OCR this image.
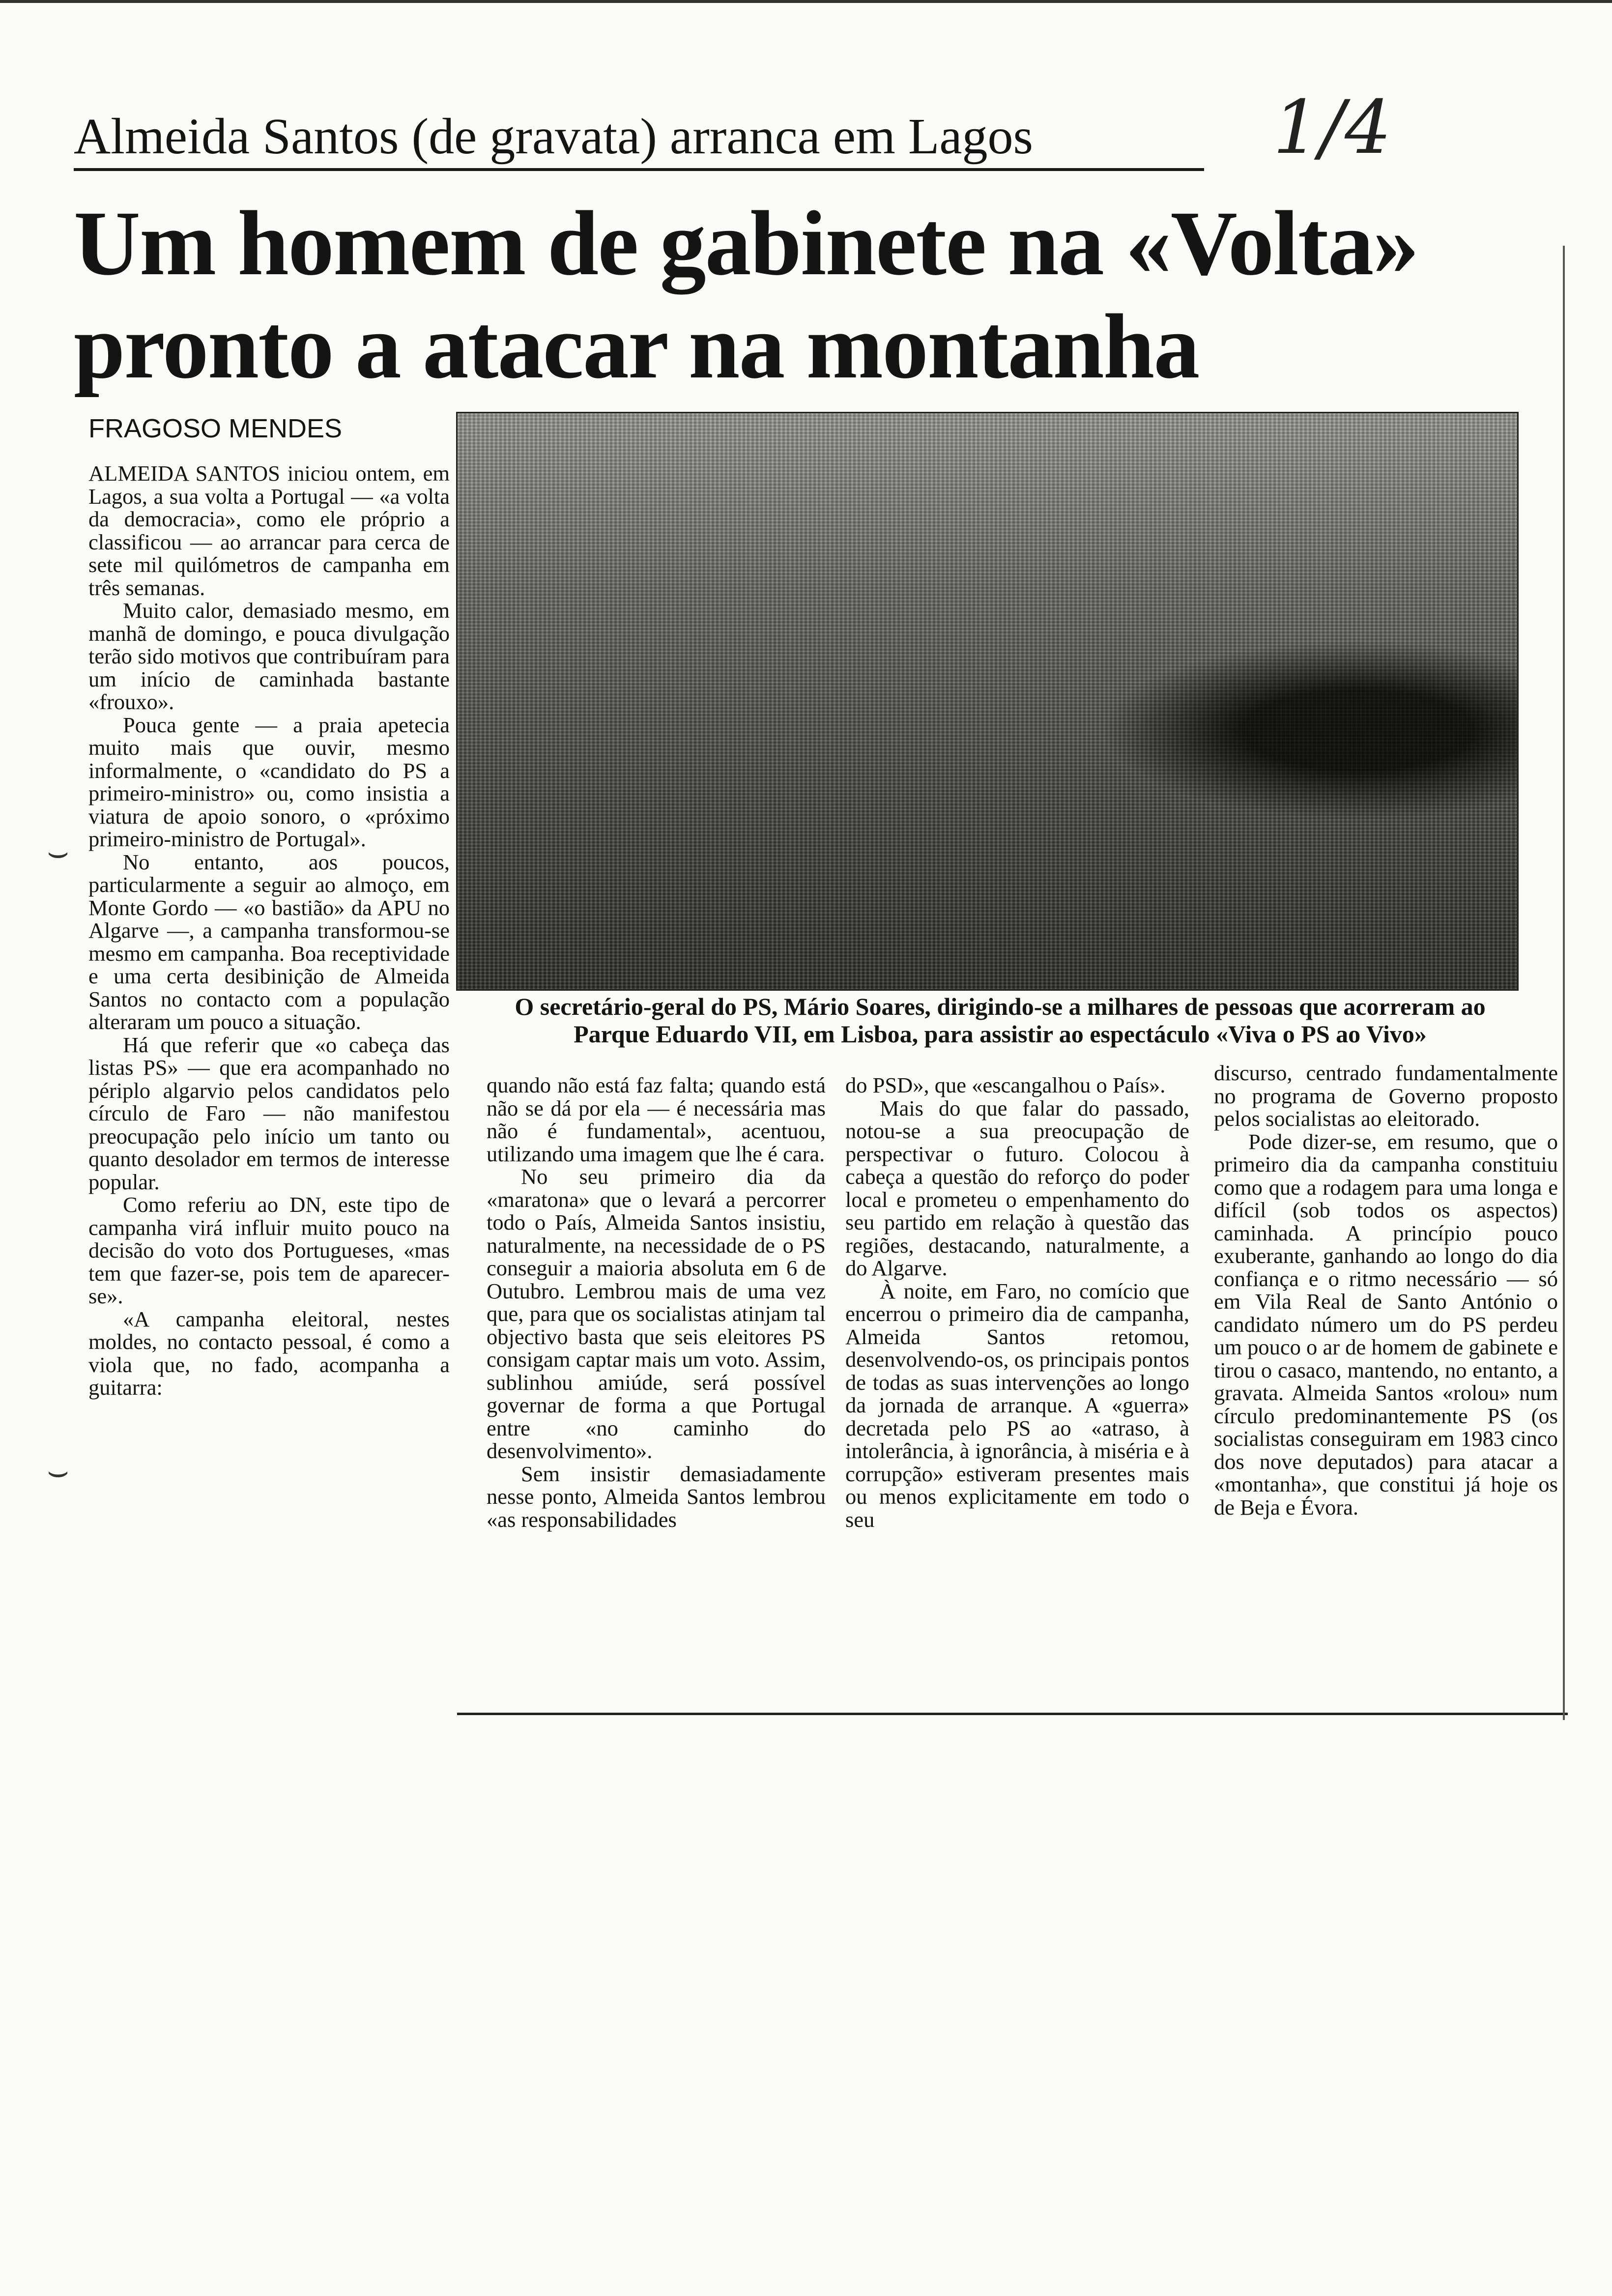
Almeida Santos (de gravata) arranca em Lagos	1/4
Um homem de gabinete na «Volta»
pronto a atacar na montanha
FRAGOSO MENDES
O secretário-geral do PS, Mário Soares, dirigindo-se a milhares de pessoas que acorreram ao
Parque Eduardo VII, em Lisboa, para assistir ao espectáculo «Viva o PS ao Vivo»

ALMEIDA SANTOS iniciou ontem, em Lagos, a sua volta a Portugal — «a volta da democracia», como ele próprio a classificou — ao arrancar para cerca de sete mil quilómetros de campanha em três semanas.

Muito calor, demasiado mesmo, em manhã de domingo, e pouca divulgação terão sido motivos que contribuíram para um início de caminhada bastante «frouxo».

Pouca gente — a praia apetecia muito mais que ouvir, mesmo informalmente, o «candidato do PS a primeiro-ministro» ou, como insistia a viatura de apoio sonoro, o «próximo primeiro-ministro de Portugal».

No entanto, aos poucos, particularmente a seguir ao almoço, em Monte Gordo — «o bastião» da APU no Algarve —, a campanha transformou-se mesmo em campanha. Boa receptividade e uma certa desibinição de Almeida Santos no contacto com a população alteraram um pouco a situação.

Há que referir que «o cabeça das listas PS» — que era acompanhado no périplo algarvio pelos candidatos pelo círculo de Faro — não manifestou preocupação pelo início um tanto ou quanto desolador em termos de interesse popular.

Como referiu ao DN, este tipo de campanha virá influir muito pouco na decisão do voto dos Portugueses, «mas tem que fazer-se, pois tem de aparecer-se».

«A campanha eleitoral, nestes moldes, no contacto pessoal, é como a viola que, no fado, acompanha a guitarra:

quando não está faz falta; quando está não se dá por ela — é necessária mas não é fundamental», acentuou, utilizando uma imagem que lhe é cara.

No seu primeiro dia da «maratona» que o levará a percorrer todo o País, Almeida Santos insistiu, naturalmente, na necessidade de o PS conseguir a maioria absoluta em 6 de Outubro. Lembrou mais de uma vez que, para que os socialistas atinjam tal objectivo basta que seis eleitores PS consigam captar mais um voto. Assim, sublinhou amiúde, será possível governar de forma a que Portugal entre «no caminho do desenvolvimento».

Sem insistir demasiadamente nesse ponto, Almeida Santos lembrou «as responsabilidades

do PSD», que «escangalhou o País».

Mais do que falar do passado, notou-se a sua preocupação de perspectivar o futuro. Colocou à cabeça a questão do reforço do poder local e prometeu o empenhamento do seu partido em relação à questão das regiões, destacando, naturalmente, a do Algarve.

À noite, em Faro, no comício que encerrou o primeiro dia de campanha, Almeida Santos retomou, desenvolvendo-os, os principais pontos de todas as suas intervenções ao longo da jornada de arranque. A «guerra» decretada pelo PS ao «atraso, à intolerância, à ignorância, à miséria e à corrupção» estiveram presentes mais ou menos explicitamente em todo o seu

discurso, centrado fundamentalmente no programa de Governo proposto pelos socialistas ao eleitorado.

Pode dizer-se, em resumo, que o primeiro dia da campanha constituiu como que a rodagem para uma longa e difícil (sob todos os aspectos) caminhada. A princípio pouco exuberante, ganhando ao longo do dia confiança e o ritmo necessário — só em Vila Real de Santo António o candidato número um do PS perdeu um pouco o ar de homem de gabinete e tirou o casaco, mantendo, no entanto, a gravata. Almeida Santos «rolou» num círculo predominantemente PS (os socialistas conseguiram em 1983 cinco dos nove deputados) para atacar a «montanha», que constitui já hoje os de Beja e Évora.

⌣
⌣
